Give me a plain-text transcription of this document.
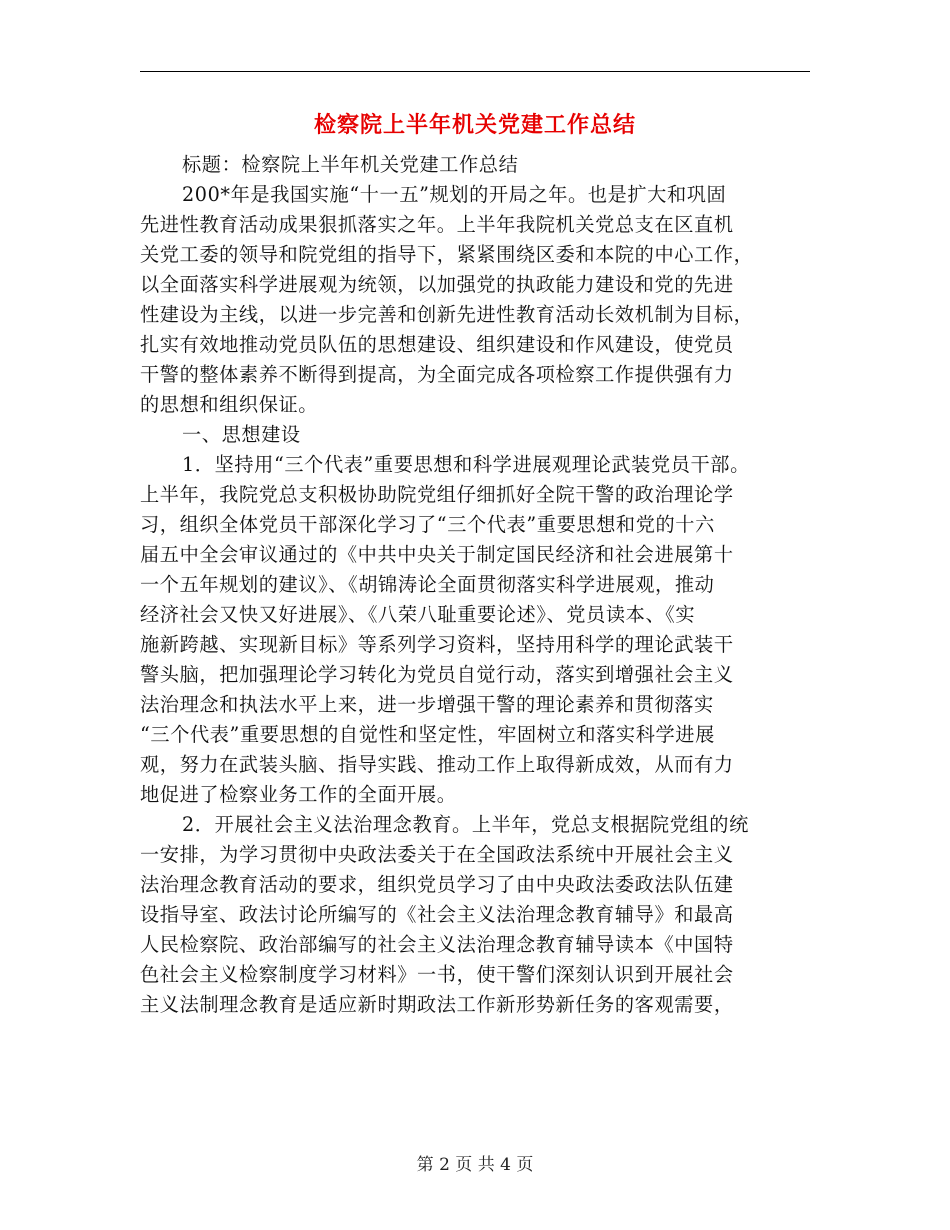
检察院上半年机关党建工作总结
标题：检察院上半年机关党建工作总结
200*年是我国实施“十一五”规划的开局之年。也是扩大和巩固
先进性教育活动成果狠抓落实之年。上半年我院机关党总支在区直机
关党工委的领导和院党组的指导下，紧紧围绕区委和本院的中心工作，
以全面落实科学进展观为统领，以加强党的执政能力建设和党的先进
性建设为主线，以进一步完善和创新先进性教育活动长效机制为目标，
扎实有效地推动党员队伍的思想建设、组织建设和作风建设，使党员
干警的整体素养不断得到提高，为全面完成各项检察工作提供强有力
的思想和组织保证。
一、思想建设
1．坚持用“三个代表”重要思想和科学进展观理论武装党员干部。
上半年，我院党总支积极协助院党组仔细抓好全院干警的政治理论学
习，组织全体党员干部深化学习了“三个代表”重要思想和党的十六
届五中全会审议通过的《中共中央关于制定国民经济和社会进展第十
一个五年规划的建议》、《胡锦涛论全面贯彻落实科学进展观，推动
经济社会又快又好进展》、《八荣八耻重要论述》、党员读本、《实
施新跨越、实现新目标》等系列学习资料，坚持用科学的理论武装干
警头脑，把加强理论学习转化为党员自觉行动，落实到增强社会主义
法治理念和执法水平上来，进一步增强干警的理论素养和贯彻落实
“三个代表”重要思想的自觉性和坚定性，牢固树立和落实科学进展
观，努力在武装头脑、指导实践、推动工作上取得新成效，从而有力
地促进了检察业务工作的全面开展。
2．开展社会主义法治理念教育。上半年，党总支根据院党组的统
一安排，为学习贯彻中央政法委关于在全国政法系统中开展社会主义
法治理念教育活动的要求，组织党员学习了由中央政法委政法队伍建
设指导室、政法讨论所编写的《社会主义法治理念教育辅导》和最高
人民检察院、政治部编写的社会主义法治理念教育辅导读本《中国特
色社会主义检察制度学习材料》一书，使干警们深刻认识到开展社会
主义法制理念教育是适应新时期政法工作新形势新任务的客观需要，
第 2 页 共 4 页
